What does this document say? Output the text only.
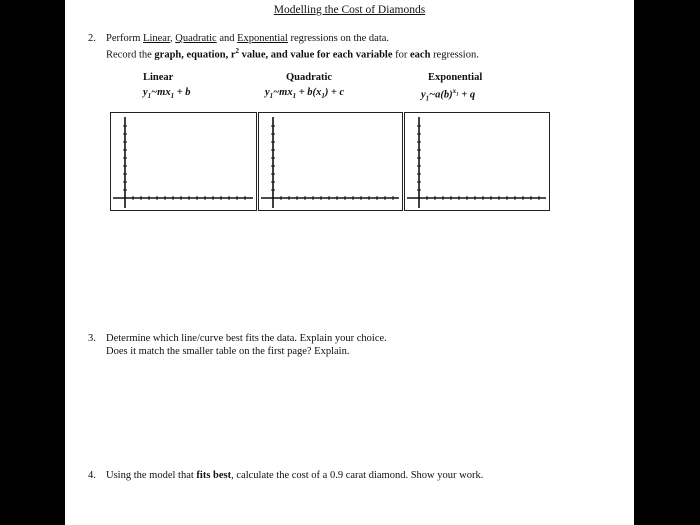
Modelling the Cost of Diamonds
2. Perform Linear, Quadratic and Exponential regressions on the data.
Record the graph, equation, $r^2$ value, and value for each variable for each regression.
Linear
$y_1\sim mx_1 + b$
Quadratic
$y_1\sim mx_1 + b(x_1) + c$
Exponential
$y_1\sim a(b)^{x_1} + q$
3. Determine which line/curve best fits the data. Explain your choice.
Does it match the smaller table on the first page? Explain.
4. Using the model that fits best, calculate the cost of a 0.9 carat diamond. Show your work.
